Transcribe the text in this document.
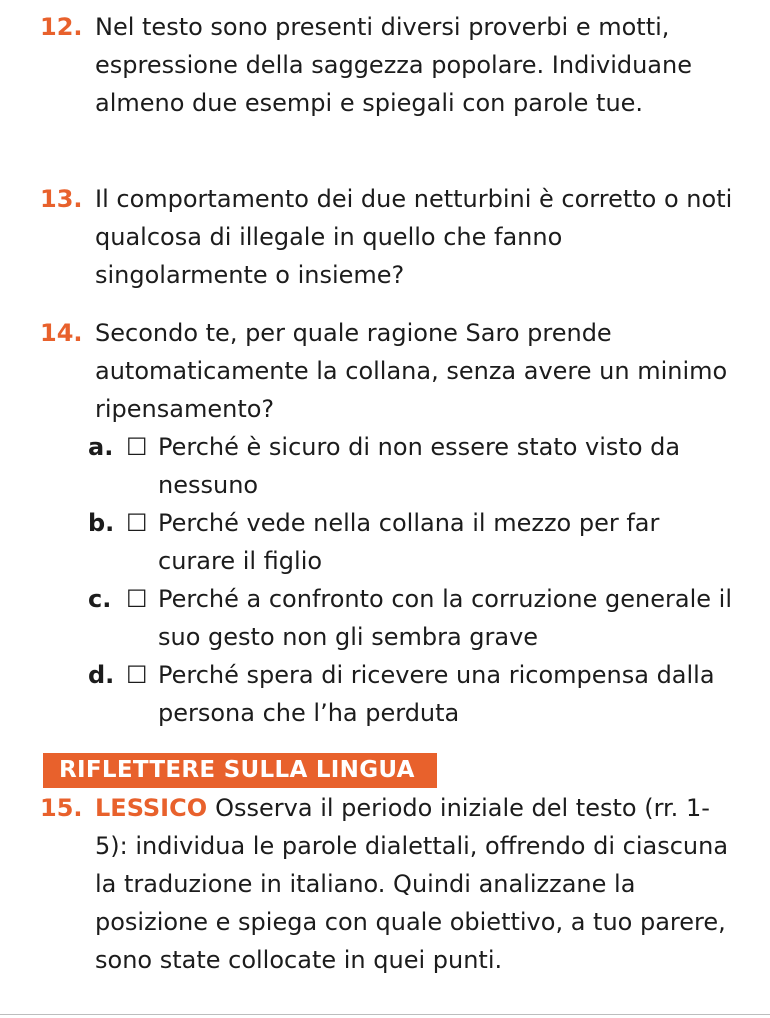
12. Nel testo sono presenti diversi proverbi e motti, espressione della saggezza popolare. Individuane almeno due esempi e spiegali con parole tue.
13. Il comportamento dei due netturbini è corretto o noti qualcosa di illegale in quello che fanno singolarmente o insieme?
14. Secondo te, per quale ragione Saro prende automaticamente la collana, senza avere un minimo ripensamento?
a. ☐ Perché è sicuro di non essere stato visto da nessuno
b. ☐ Perché vede nella collana il mezzo per far curare il figlio
c. ☐ Perché a confronto con la corruzione generale il suo gesto non gli sembra grave
d. ☐ Perché spera di ricevere una ricompensa dalla persona che l’ha perduta
RIFLETTERE SULLA LINGUA
15. LESSICO Osserva il periodo iniziale del testo (rr. 1-5): individua le parole dialettali, offrendo di ciascuna la traduzione in italiano. Quindi analizzane la posizione e spiega con quale obiettivo, a tuo parere, sono state collocate in quei punti.
